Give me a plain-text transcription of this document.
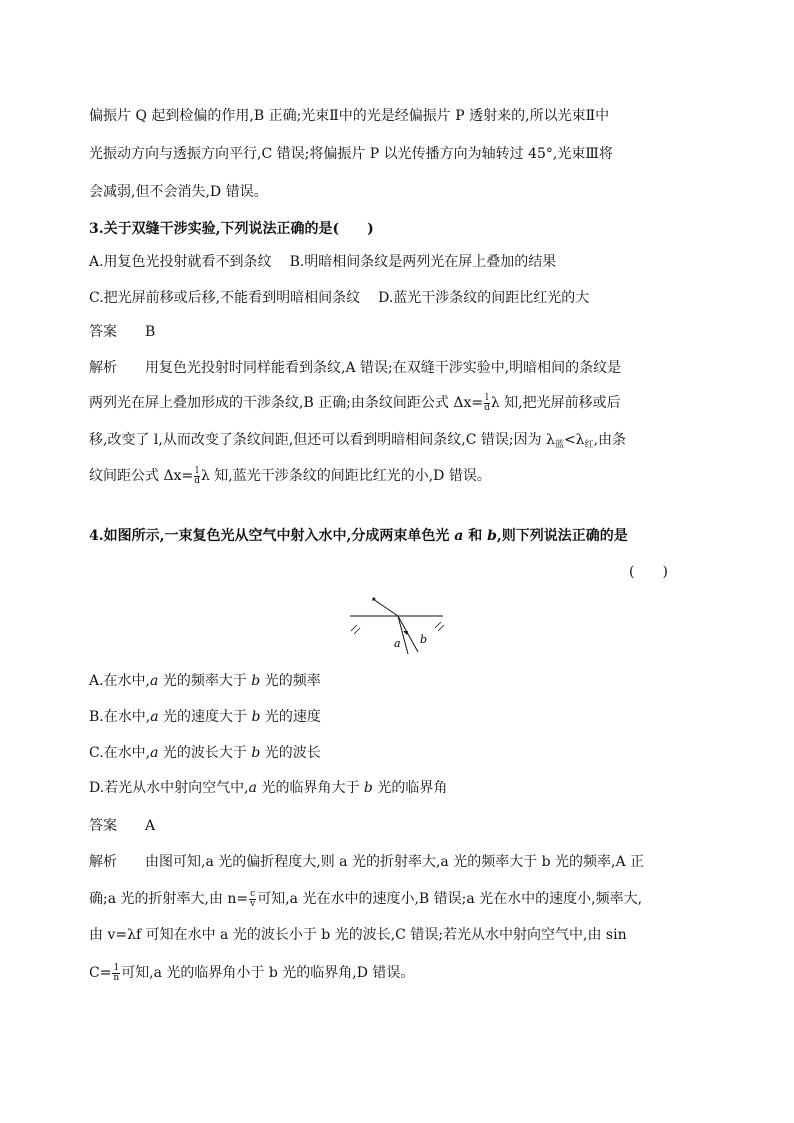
偏振片 Q 起到检偏的作用,B 正确;光束Ⅱ中的光是经偏振片 P 透射来的,所以光束Ⅱ中
光振动方向与透振方向平行,C 错误;将偏振片 P 以光传播方向为轴转过 45°,光束Ⅲ将
会减弱,但不会消失,D 错误。
3.关于双缝干涉实验,下列说法正确的是(　　)
A.用复色光投射就看不到条纹 B.明暗相间条纹是两列光在屏上叠加的结果
C.把光屏前移或后移,不能看到明暗相间条纹 D.蓝光干涉条纹的间距比红光的大
答案 B
解析 用复色光投射时同样能看到条纹,A 错误;在双缝干涉实验中,明暗相间的条纹是
两列光在屏上叠加形成的干涉条纹,B 正确;由条纹间距公式 $\Delta x= \frac{l}{d}$ λ 知,把光屏前移或后
移,改变了 l,从而改变了条纹间距,但还可以看到明暗相间条纹,C 错误;因为 $\lambda_蓝<\lambda_红$,由条
纹间距公式 $\Delta x= \frac{l}{d}$ λ 知,蓝光干涉条纹的间距比红光的小,D 错误。
4.如图所示,一束复色光从空气中射入水中,分成两束单色光 a 和 b,则下列说法正确的是
(　　)
a b
A.在水中,a 光的频率大于 b 光的频率
B.在水中,a 光的速度大于 b 光的速度
C.在水中,a 光的波长大于 b 光的波长
D.若光从水中射向空气中,a 光的临界角大于 b 光的临界角
答案 A
解析 由图可知,a 光的偏折程度大,则 a 光的折射率大,a 光的频率大于 b 光的频率,A 正
确;a 光的折射率大,由 $n= \frac{c}{v}$ 可知,a 光在水中的速度小,B 错误;a 光在水中的速度小,频率大,
由 v=λf 可知在水中 a 光的波长小于 b 光的波长,C 错误;若光从水中射向空气中,由 sin
$C= \frac{1}{n}$ 可知,a 光的临界角小于 b 光的临界角,D 错误。
